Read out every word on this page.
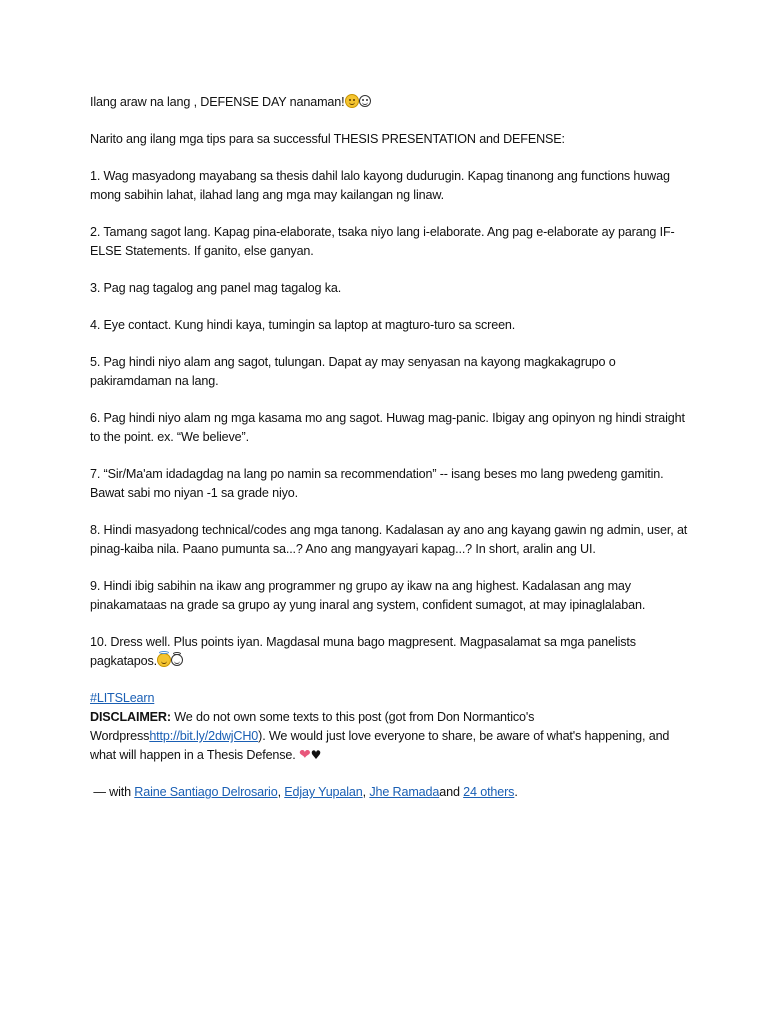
Ilang araw na lang , DEFENSE DAY nanaman!

Narito ang ilang mga tips para sa successful THESIS PRESENTATION and DEFENSE:

1. Wag masyadong mayabang sa thesis dahil lalo kayong dudurugin. Kapag tinanong ang functions huwag mong sabihin lahat, ilahad lang ang mga may kailangan ng linaw.

2. Tamang sagot lang. Kapag pina-elaborate, tsaka niyo lang i-elaborate. Ang pag e-elaborate ay parang IF-ELSE Statements. If ganito, else ganyan.

3. Pag nag tagalog ang panel mag tagalog ka.

4. Eye contact. Kung hindi kaya, tumingin sa laptop at magturo-turo sa screen.

5. Pag hindi niyo alam ang sagot, tulungan. Dapat ay may senyasan na kayong magkakagrupo o pakiramdaman na lang.

6. Pag hindi niyo alam ng mga kasama mo ang sagot. Huwag mag-panic. Ibigay ang opinyon ng hindi straight to the point. ex. “We believe”.

7. “Sir/Ma'am idadagdag na lang po namin sa recommendation” -- isang beses mo lang pwedeng gamitin. Bawat sabi mo niyan -1 sa grade niyo.

8. Hindi masyadong technical/codes ang mga tanong. Kadalasan ay ano ang kayang gawin ng admin, user, at pinag-kaiba nila. Paano pumunta sa...? Ano ang mangyayari kapag...? In short, aralin ang UI.

9. Hindi ibig sabihin na ikaw ang programmer ng grupo ay ikaw na ang highest. Kadalasan ang may pinakamataas na grade sa grupo ay yung inaral ang system, confident sumagot, at may ipinaglalaban.

10. Dress well. Plus points iyan. Magdasal muna bago magpresent. Magpasalamat sa mga panelists pagkatapos.

#LITSLearn

DISCLAIMER: We do not own some texts to this post (got from Don Normantico's Wordpresshttp://bit.ly/2dwjCH0). We would just love everyone to share, be aware of what's happening, and what will happen in a Thesis Defense. ❤♥

— with Raine Santiago Delrosario, Edjay Yupalan, Jhe Ramadaand 24 others.
